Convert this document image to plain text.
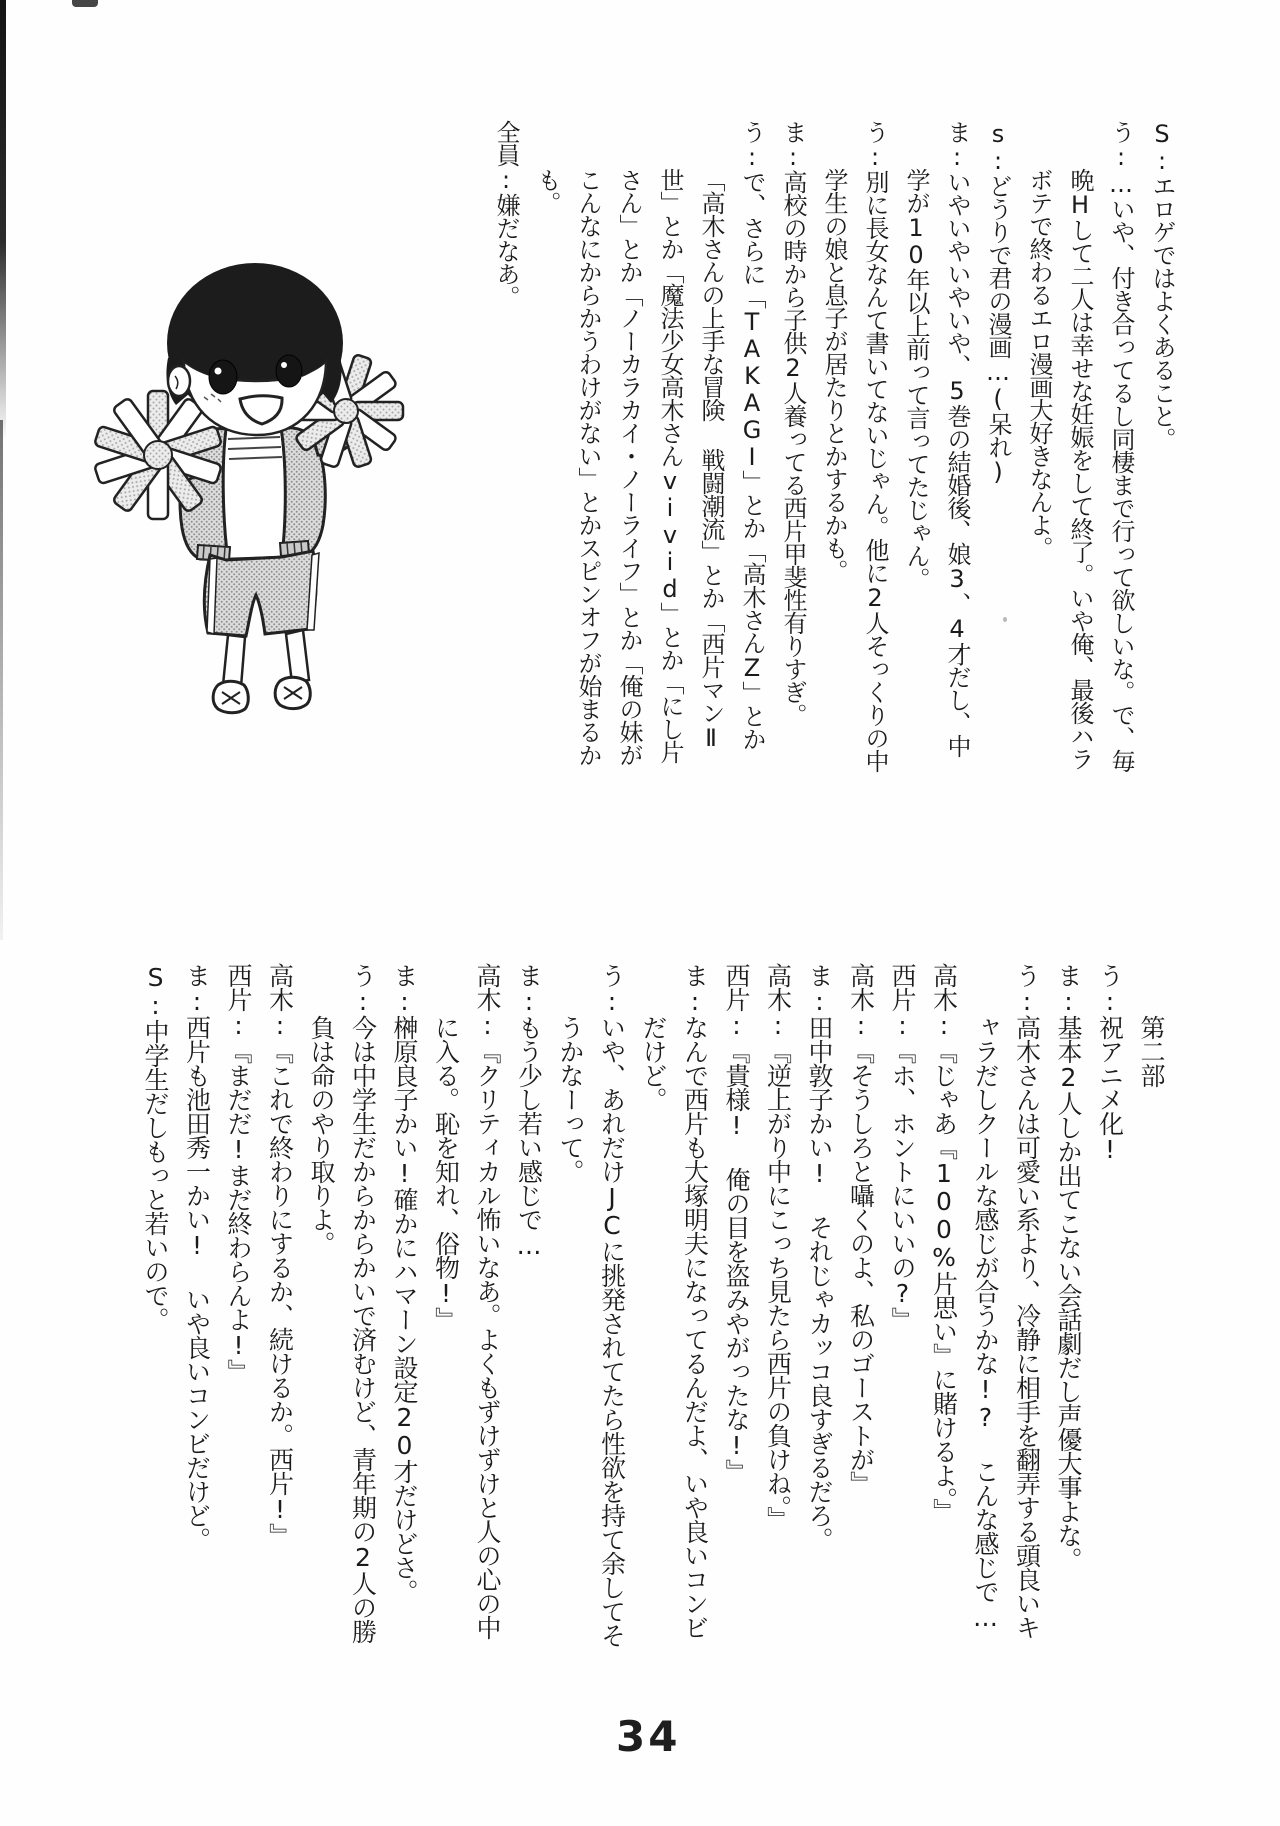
S:エロゲではよくあること。

う:…いや、付き合ってるし同棲まで行って欲しいな。で、毎晩Hして二人は幸せな妊娠をして終了。いや俺、最後ハラボテで終わるエロ漫画大好きなんよ。

s:どうりで君の漫画…(呆れ)

ま:いやいやいやいや、5巻の結婚後、娘3、4才だし、中学が10年以上前って言ってたじゃん。

う:別に長女なんて書いてないじゃん。他に2人そっくりの中学生の娘と息子が居たりとかするかも。

ま:高校の時から子供2人養ってる西片甲斐性有りすぎ。

う:で、さらに「TAKAGI」とか「高木さんZ」とか「高木さんの上手な冒険 戦闘潮流」とか「西片マンⅡ世」とか「魔法少女高木さんvivid」とか「にし片さん」とか「ノーカラカイ・ノーライフ」とか「俺の妹がこんなにからかうわけがない」とかスピンオフが始まるかも。

全員:嫌だなあ。

第二部

う:祝アニメ化!

ま:基本2人しか出てこない会話劇だし声優大事よな。

う:高木さんは可愛い系より、冷静に相手を翻弄する頭良いキャラだしクールな感じが合うかな!? こんな感じで…

高木:『じゃあ『100%片思い』に賭けるよ。』

西片:『ホ、ホントにいいの?』

高木:『そうしろと囁くのよ、私のゴーストが』

ま:田中敦子かい! それじゃカッコ良すぎるだろ。

高木:『逆上がり中にこっち見たら西片の負けね。』

西片:『貴様! 俺の目を盗みやがったな!』

ま:なんで西片も大塚明夫になってるんだよ、いや良いコンビだけど。

う:いや、あれだけJCに挑発されてたら性欲を持て余してそうかなーって。

ま:もう少し若い感じで…

高木:『クリティカル怖いなあ。よくもずけずけと人の心の中に入る。恥を知れ、俗物!』

ま:榊原良子かい!確かにハマーン設定20才だけどさ。

う:今は中学生だからからかいで済むけど、青年期の2人の勝負は命のやり取りよ。

高木:『これで終わりにするか、続けるか。西片!』

西片:『まだだ!まだ終わらんよ!』

ま:西片も池田秀一かい! いや良いコンビだけど。

S:中学生だしもっと若いので。

34
